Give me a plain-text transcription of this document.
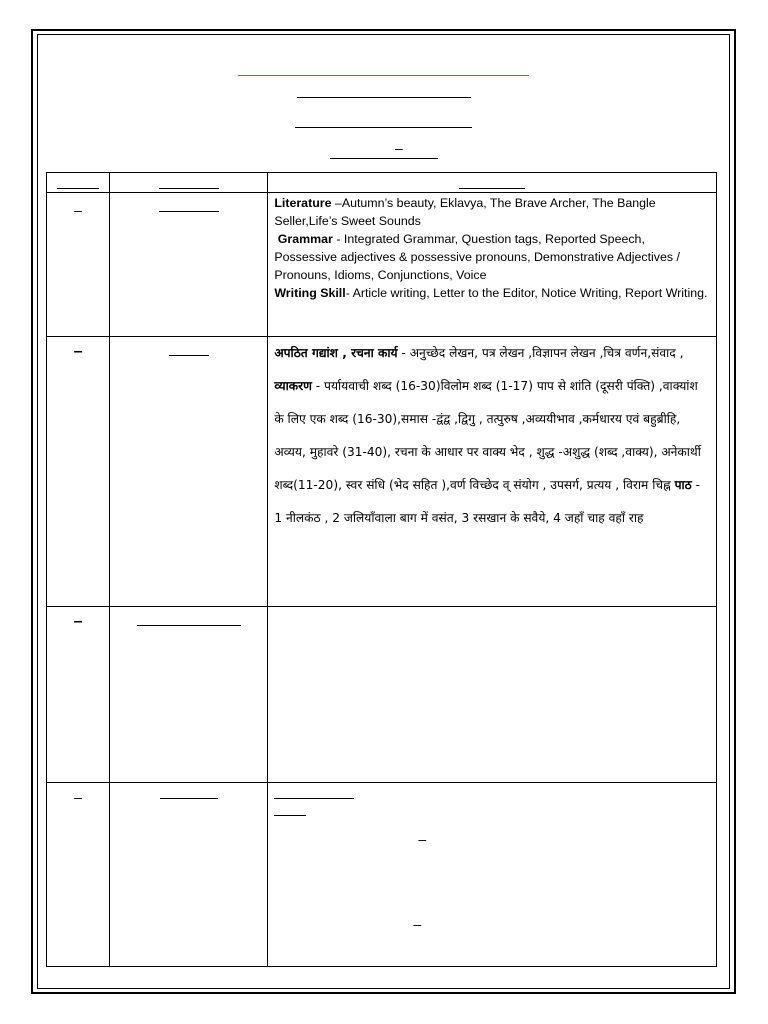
–

–		Literature –Autumn’s beauty, Eklavya, The Brave Archer, The Bangle Seller,Life’s Sweet Sounds

Grammar - Integrated Grammar, Question tags, Reported Speech, Possessive adjectives & possessive pronouns, Demonstrative Adjectives / Pronouns, Idioms, Conjunctions, Voice

Writing Skill- Article writing, Letter to the Editor, Notice Writing, Report Writing.

–		अपठित गद्यांश , रचना कार्य - अनुच्छेद लेखन, पत्र लेखन ,विज्ञापन लेखन ,चित्र वर्णन,संवाद , व्याकरण - पर्यायवाची शब्द (16-30)विलोम शब्द (1-17) पाप से शांति (दूसरी पंक्ति) ,वाक्यांश के लिए एक शब्द (16-30),समास -द्वंद्व ,द्विगु , तत्पुरुष ,अव्ययीभाव ,कर्मधारय एवं बहुब्रीहि, अव्यय, मुहावरे (31-40), रचना के आधार पर वाक्य भेद , शुद्ध -अशुद्ध (शब्द ,वाक्य), अनेकार्थी शब्द(11-20), स्वर संधि (भेद सहित ),वर्ण विच्छेद व् संयोग , उपसर्ग, प्रत्यय , विराम चिह्न पाठ - 1 नीलकंठ , 2 जलियाँवाला बाग में वसंत, 3 रसखान के सवैये, 4 जहाँ चाह वहाँ राह

–		

–		–
–
